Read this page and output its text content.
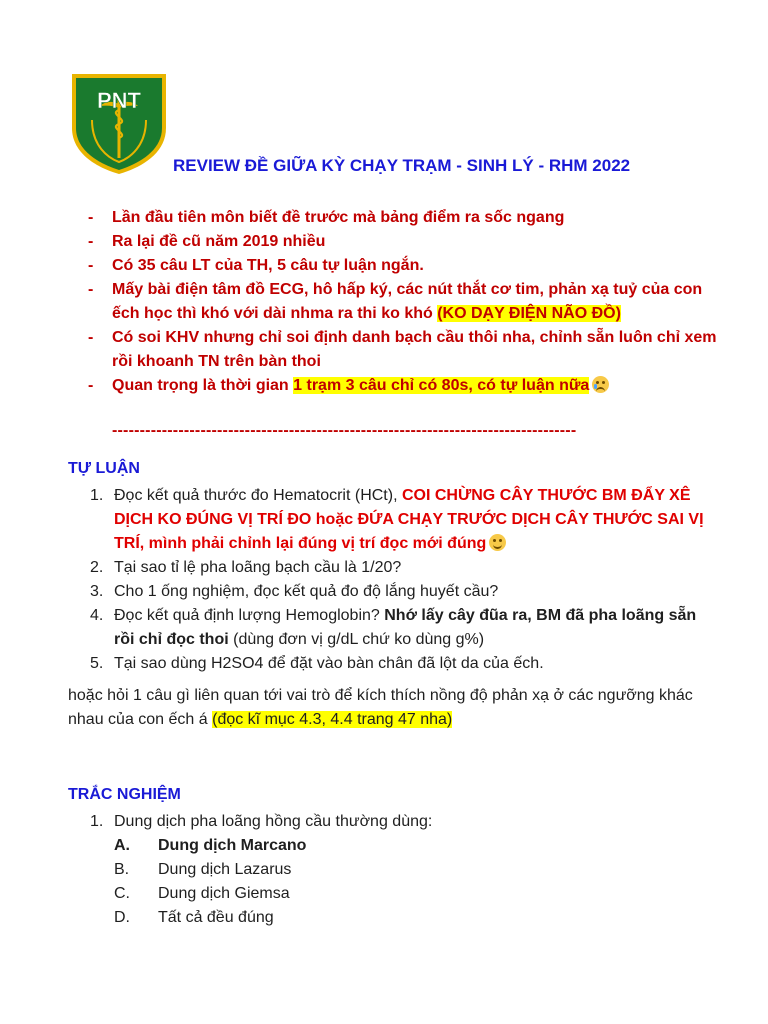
PNT
REVIEW ĐỀ GIỮA KỲ CHẠY TRẠM - SINH LÝ - RHM 2022
- Lần đầu tiên môn biết đề trước mà bảng điểm ra sốc ngang
- Ra lại đề cũ năm 2019 nhiều
- Có 35 câu LT của TH, 5 câu tự luận ngắn.
- Mấy bài điện tâm đồ ECG, hô hấp ký, các nút thắt cơ tim, phản xạ tuỷ của con ếch học thì khó với dài nhma ra thi ko khó (KO DẠY ĐIỆN NÃO ĐỒ)
- Có soi KHV nhưng chỉ soi định danh bạch cầu thôi nha, chỉnh sẵn luôn chỉ xem rồi khoanh TN trên bàn thoi
- Quan trọng là thời gian 1 trạm 3 câu chỉ có 80s, có tự luận nữa
------------------------------------------------------------------------------------
TỰ LUẬN
1. Đọc kết quả thước đo Hematocrit (HCt), COI CHỪNG CÂY THƯỚC BM ĐẨY XÊ DỊCH KO ĐÚNG VỊ TRÍ ĐO hoặc ĐỨA CHẠY TRƯỚC DỊCH CÂY THƯỚC SAI VỊ TRÍ, mình phải chỉnh lại đúng vị trí đọc mới đúng
2. Tại sao tỉ lệ pha loãng bạch cầu là 1/20?
3. Cho 1 ống nghiệm, đọc kết quả đo độ lắng huyết cầu?
4. Đọc kết quả định lượng Hemoglobin? Nhớ lấy cây đũa ra, BM đã pha loãng sẵn rồi chỉ đọc thoi (dùng đơn vị g/dL chứ ko dùng g%)
5. Tại sao dùng H2SO4 để đặt vào bàn chân đã lột da của ếch.
hoặc hỏi 1 câu gì liên quan tới vai trò để kích thích nồng độ phản xạ ở các ngưỡng khác nhau của con ếch á (đọc kĩ mục 4.3, 4.4 trang 47 nha)
TRẮC NGHIỆM
1. Dung dịch pha loãng hồng cầu thường dùng:
A. Dung dịch Marcano
B. Dung dịch Lazarus
C. Dung dịch Giemsa
D. Tất cả đều đúng
